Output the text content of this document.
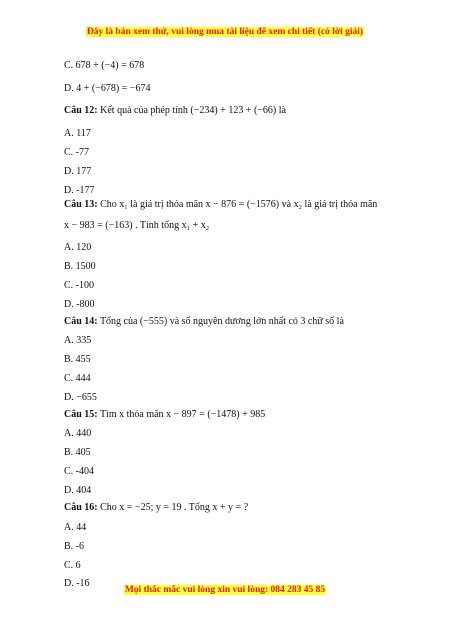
Đây là bản xem thử, vui lòng mua tài liệu để xem chi tiết (có lời giải)
C. 678 + (−4) = 678
D. 4 + (−678) = −674
Câu 12: Kết quả của phép tính (−234) + 123 + (−66) là
A. 117
C. -77
D. 177
D. -177
Câu 13: Cho x₁ là giá trị thỏa mãn x − 876 = (−1576) và x₂ là giá trị thỏa mãn
x − 983 = (−163) . Tính tổng x₁ + x₂
A. 120
B. 1500
C. -100
D. -800
Câu 14: Tổng của (−555) và số nguyên dương lớn nhất có 3 chữ số là
A. 335
B. 455
C. 444
D. −655
Câu 15: Tìm x thỏa mãn x − 897 = (−1478) + 985
A. 440
B. 405
C. -404
D. 404
Câu 16: Cho x = −25; y = 19 . Tổng x + y = ?
A. 44
B. -6
C. 6
D. -16
Mọi thắc mắc vui lòng xin vui lòng: 084 283 45 85
